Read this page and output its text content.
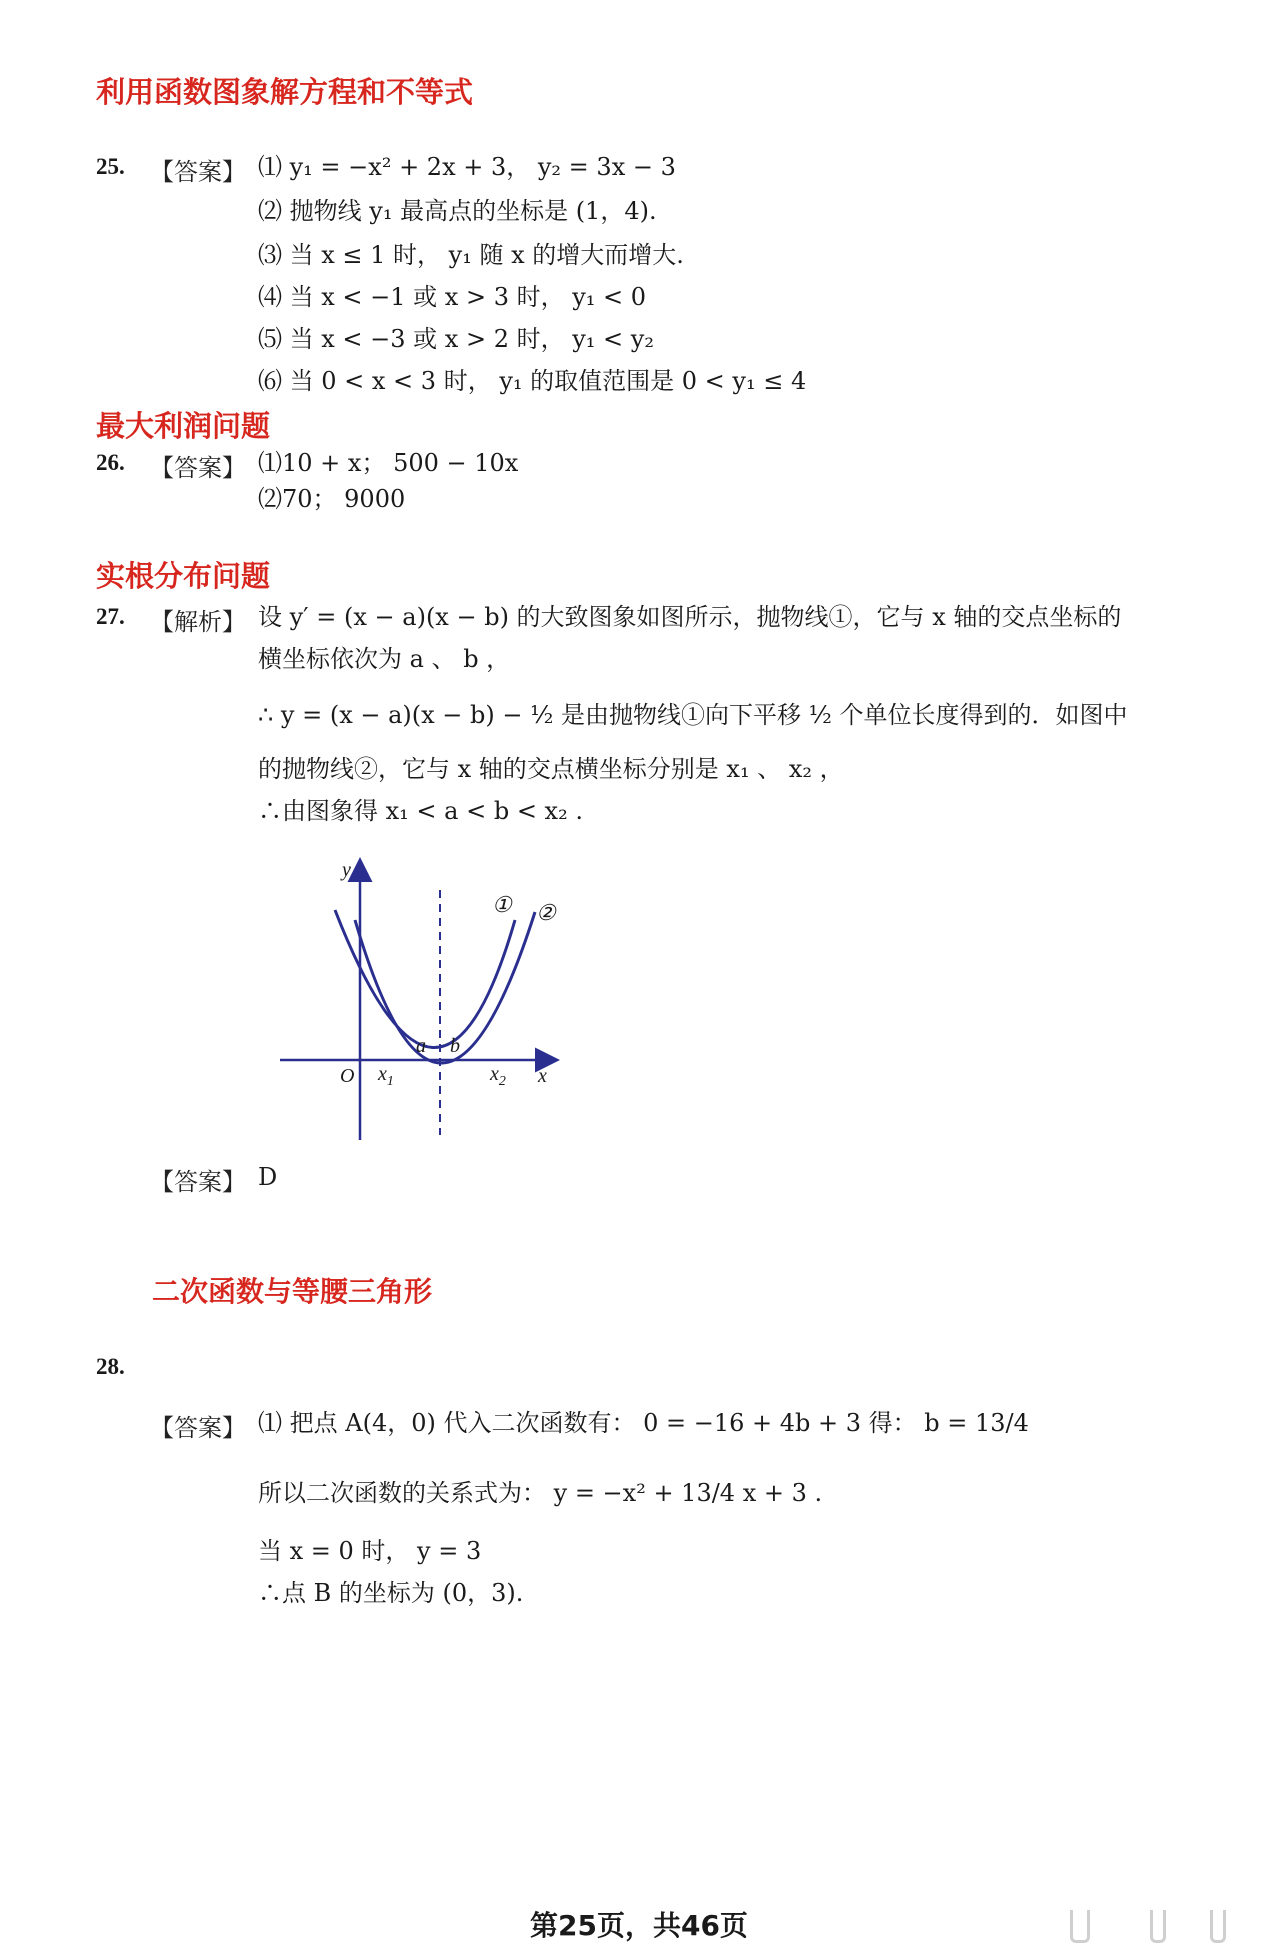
利用函数图象解方程和不等式
25. 【答案】 ⑴ y₁ = −x² + 2x + 3， y₂ = 3x − 3
⑵ 抛物线 y₁ 最高点的坐标是 (1，4).
⑶ 当 x ≤ 1 时， y₁ 随 x 的增大而增大.
⑷ 当 x < −1 或 x > 3 时， y₁ < 0
⑸ 当 x < −3 或 x > 2 时， y₁ < y₂
⑹ 当 0 < x < 3 时， y₁ 的取值范围是 0 < y₁ ≤ 4
最大利润问题
26. 【答案】 ⑴10 + x； 500 − 10x
⑵70； 9000
实根分布问题
27. 【解析】 设 y′ = (x − a)(x − b) 的大致图象如图所示，抛物线①，它与 x 轴的交点坐标的
横坐标依次为 a 、 b ，
∴ y = (x − a)(x − b) − ½ 是由抛物线①向下平移 ½ 个单位长度得到的．如图中
的抛物线②，它与 x 轴的交点横坐标分别是 x₁ 、 x₂ ，
∴由图象得 x₁ < a < b < x₂ .
y
x
O
a b
$x_1$	$x_2$
① ②
【答案】 D
二次函数与等腰三角形
28.
【答案】 ⑴ 把点 A(4，0) 代入二次函数有： 0 = −16 + 4b + 3 得： b = 13/4
所以二次函数的关系式为： y = −x² + 13/4 x + 3 .
当 x = 0 时， y = 3
∴点 B 的坐标为 (0，3).
第25页，共46页
